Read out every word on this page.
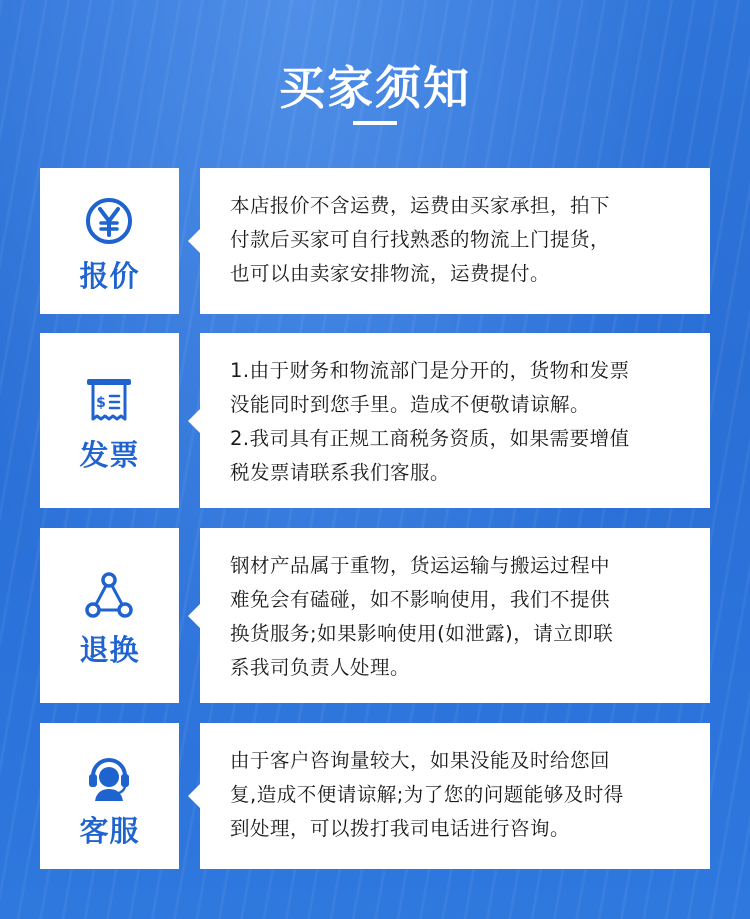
买家须知
报价

本店报价不含运费，运费由买家承担，拍下

付款后买家可自行找熟悉的物流上门提货，

也可以由卖家安排物流，运费提付。

$
发票

1.由于财务和物流部门是分开的，货物和发票

没能同时到您手里。造成不便敬请谅解。

2.我司具有正规工商税务资质，如果需要增值

税发票请联系我们客服。

退换

钢材产品属于重物，货运运输与搬运过程中

难免会有磕碰，如不影响使用，我们不提供

换货服务;如果影响使用(如泄露)，请立即联

系我司负责人处理。

客服

由于客户咨询量较大，如果没能及时给您回

复,造成不便请谅解;为了您的问题能够及时得

到处理，可以拨打我司电话进行咨询。
